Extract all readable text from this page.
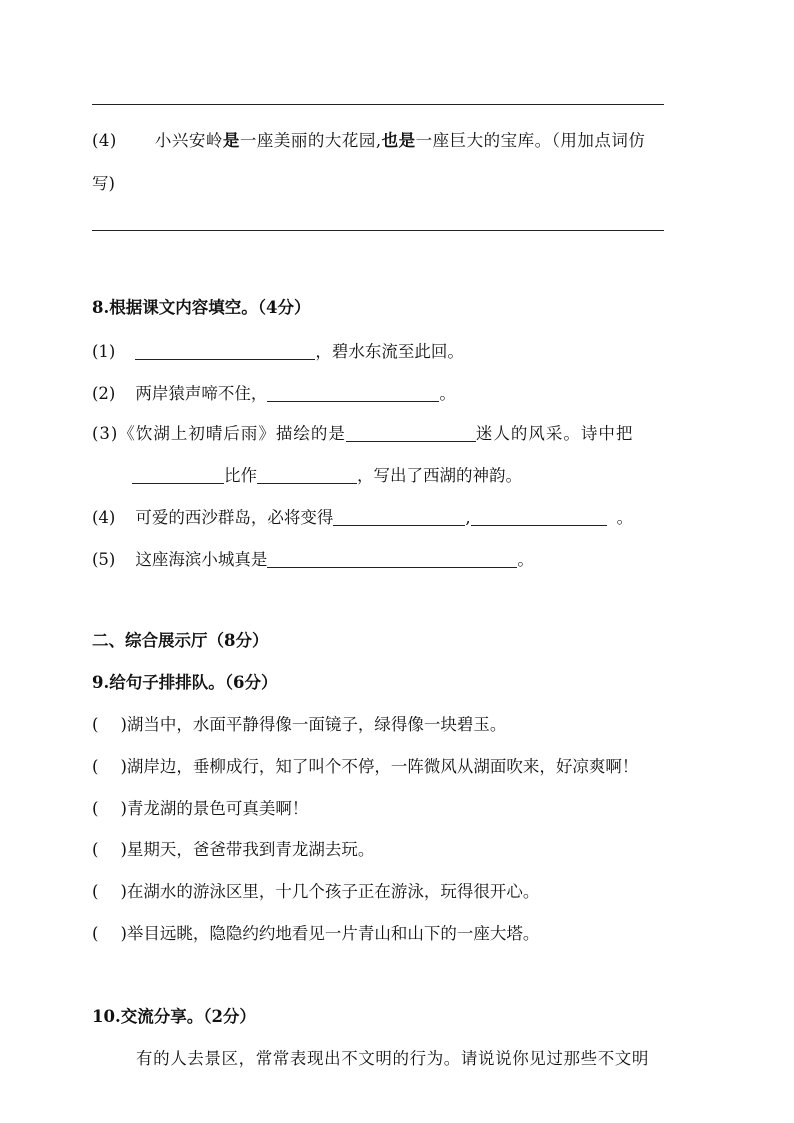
(4) 小兴安岭是一座美丽的大花园,也是一座巨大的宝库。（用加点词仿
写)
8.根据课文内容填空。（4分）
(1)	，碧水东流至此回。
(2) 两岸猿声啼不住，	。
(3)《饮湖上初晴后雨》描绘的是	迷人的风采。诗中把
比作	，写出了西湖的神韵。
(4) 可爱的西沙群岛，必将变得	,	。
(5) 这座海滨小城真是	。
二、综合展示厅（8分）
9.给句子排排队。（6分）
( )湖当中，水面平静得像一面镜子，绿得像一块碧玉。
( )湖岸边，垂柳成行，知了叫个不停，一阵微风从湖面吹来，好凉爽啊！
( )青龙湖的景色可真美啊！
( )星期天，爸爸带我到青龙湖去玩。
( )在湖水的游泳区里，十几个孩子正在游泳，玩得很开心。
( )举目远眺，隐隐约约地看见一片青山和山下的一座大塔。
10.交流分享。（2分）
有的人去景区，常常表现出不文明的行为。请说说你见过那些不文明
